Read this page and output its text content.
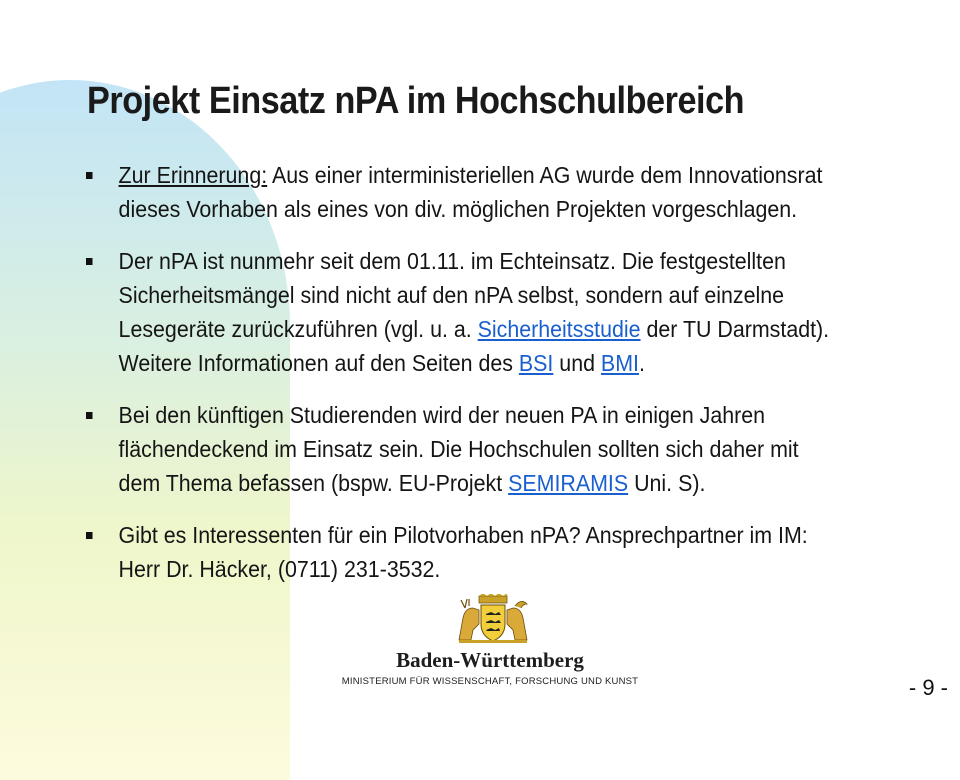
Projekt Einsatz nPA im Hochschulbereich
Zur Erinnerung: Aus einer interministeriellen AG wurde dem Innovationsrat
dieses Vorhaben als eines von div. möglichen Projekten vorgeschlagen.
Der nPA ist nunmehr seit dem 01.11. im Echteinsatz. Die festgestellten
Sicherheitsmängel sind nicht auf den nPA selbst, sondern auf einzelne
Lesegeräte zurückzuführen (vgl. u. a. Sicherheitsstudie der TU Darmstadt).
Weitere Informationen auf den Seiten des BSI und BMI.
Bei den künftigen Studierenden wird der neuen PA in einigen Jahren
flächendeckend im Einsatz sein. Die Hochschulen sollten sich daher mit
dem Thema befassen (bspw. EU-Projekt SEMIRAMIS Uni. S).
Gibt es Interessenten für ein Pilotvorhaben nPA? Ansprechpartner im IM:
Herr Dr. Häcker, (0711) 231-3532.
Baden-Württemberg
MINISTERIUM FÜR WISSENSCHAFT, FORSCHUNG UND KUNST	- 9 -
